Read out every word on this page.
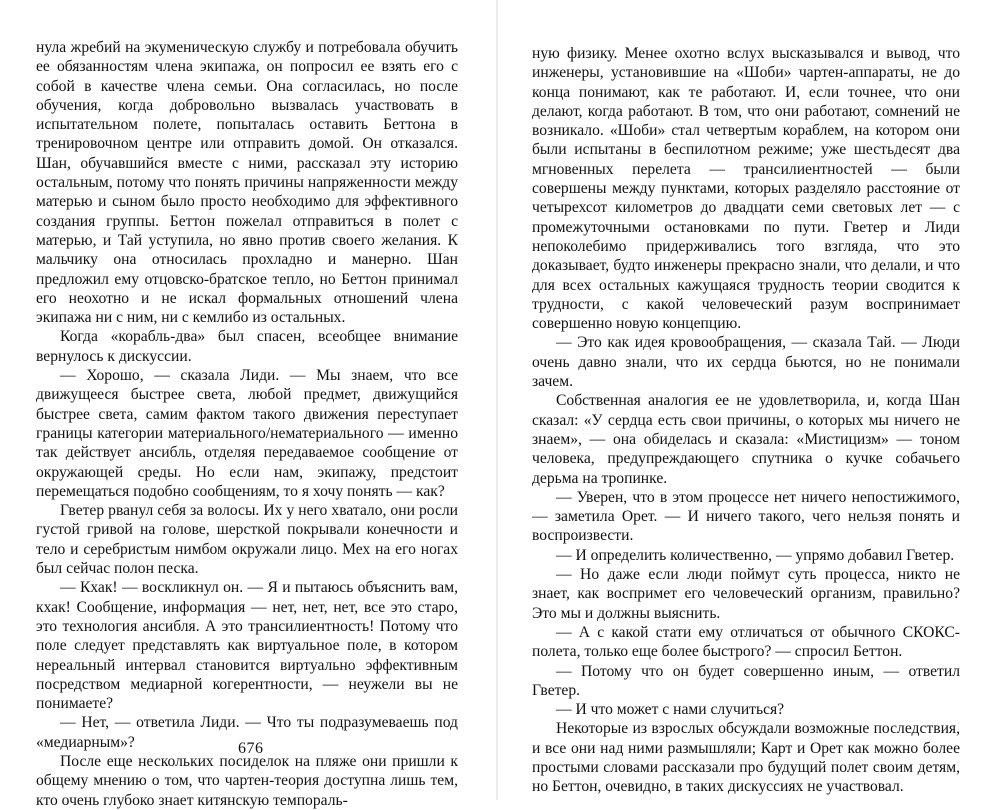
нула жребий на экуменическую службу и потребовала обучить ее обязанностям члена экипажа, он попросил ее взять его с собой в качестве члена семьи. Она согласилась, но после обучения, когда добровольно вызвалась участвовать в испытательном полете, попыталась оставить Беттона в тренировочном центре или отправить домой. Он отказался. Шан, обучавшийся вместе с ними, рассказал эту историю остальным, потому что понять причины напряженности между матерью и сыном было просто необходимо для эффективного создания группы. Беттон пожелал отправиться в полет с матерью, и Тай уступила, но явно против своего желания. К мальчику она относилась прохладно и манерно. Шан предложил ему отцовско-братское тепло, но Беттон принимал его неохотно и не искал формальных отношений члена экипажа ни с ним, ни с кемлибо из остальных.

Когда «корабль-два» был спасен, всеобщее внимание вернулось к дискуссии.

— Хорошо, — сказала Лиди. — Мы знаем, что все движущееся быстрее света, любой предмет, движущийся быстрее света, самим фактом такого движения переступает границы категории материального/нематериального — именно так действует ансибль, отделяя передаваемое сообщение от окружающей среды. Но если нам, экипажу, предстоит перемещаться подобно сообщениям, то я хочу понять — как?

Гветер рванул себя за волосы. Их у него хватало, они росли густой гривой на голове, шерсткой покрывали конечности и тело и серебристым нимбом окружали лицо. Мех на его ногах был сейчас полон песка.

— Кхак! — воскликнул он. — Я и пытаюсь объяснить вам, кхак! Сообщение, информация — нет, нет, нет, все это старо, это технология ансибля. А это трансилиентность! Потому что поле следует представлять как виртуальное поле, в котором нереальный интервал становится виртуально эффективным посредством медиарной когерентности, — неужели вы не понимаете?

— Нет, — ответила Лиди. — Что ты подразумеваешь под «медиарным»?

После еще нескольких посиделок на пляже они пришли к общему мнению о том, что чартен-теория доступна лишь тем, кто очень глубоко знает китянскую темпораль-

676

ную физику. Менее охотно вслух высказывался и вывод, что инженеры, установившие на «Шоби» чартен-аппараты, не до конца понимают, как те работают. И, если точнее, что они делают, когда работают. В том, что они работают, сомнений не возникало. «Шоби» стал четвертым кораблем, на котором они были испытаны в беспилотном режиме; уже шестьдесят два мгновенных перелета — трансилиентностей — были совершены между пунктами, которых разделяло расстояние от четырехсот километров до двадцати семи световых лет — с промежуточными остановками по пути. Гветер и Лиди непоколебимо придерживались того взгляда, что это доказывает, будто инженеры прекрасно знали, что делали, и что для всех остальных кажущаяся трудность теории сводится к трудности, с какой человеческий разум воспринимает совершенно новую концепцию.

— Это как идея кровообращения, — сказала Тай. — Люди очень давно знали, что их сердца бьются, но не понимали зачем.

Собственная аналогия ее не удовлетворила, и, когда Шан сказал: «У сердца есть свои причины, о которых мы ничего не знаем», — она обиделась и сказала: «Мистицизм» — тоном человека, предупреждающего спутника о кучке собачьего дерьма на тропинке.

— Уверен, что в этом процессе нет ничего непостижимого, — заметила Орет. — И ничего такого, чего нельзя понять и воспроизвести.

— И определить количественно, — упрямо добавил Гветер.

— Но даже если люди поймут суть процесса, никто не знает, как воспримет его человеческий организм, правильно? Это мы и должны выяснить.

— А с какой стати ему отличаться от обычного СКОКС-полета, только еще более быстрого? — спросил Беттон.

— Потому что он будет совершенно иным, — ответил Гветер.

— И что может с нами случиться?

Некоторые из взрослых обсуждали возможные последствия, и все они над ними размышляли; Карт и Орет как можно более простыми словами рассказали про будущий полет своим детям, но Беттон, очевидно, в таких дискуссиях не участвовал.
